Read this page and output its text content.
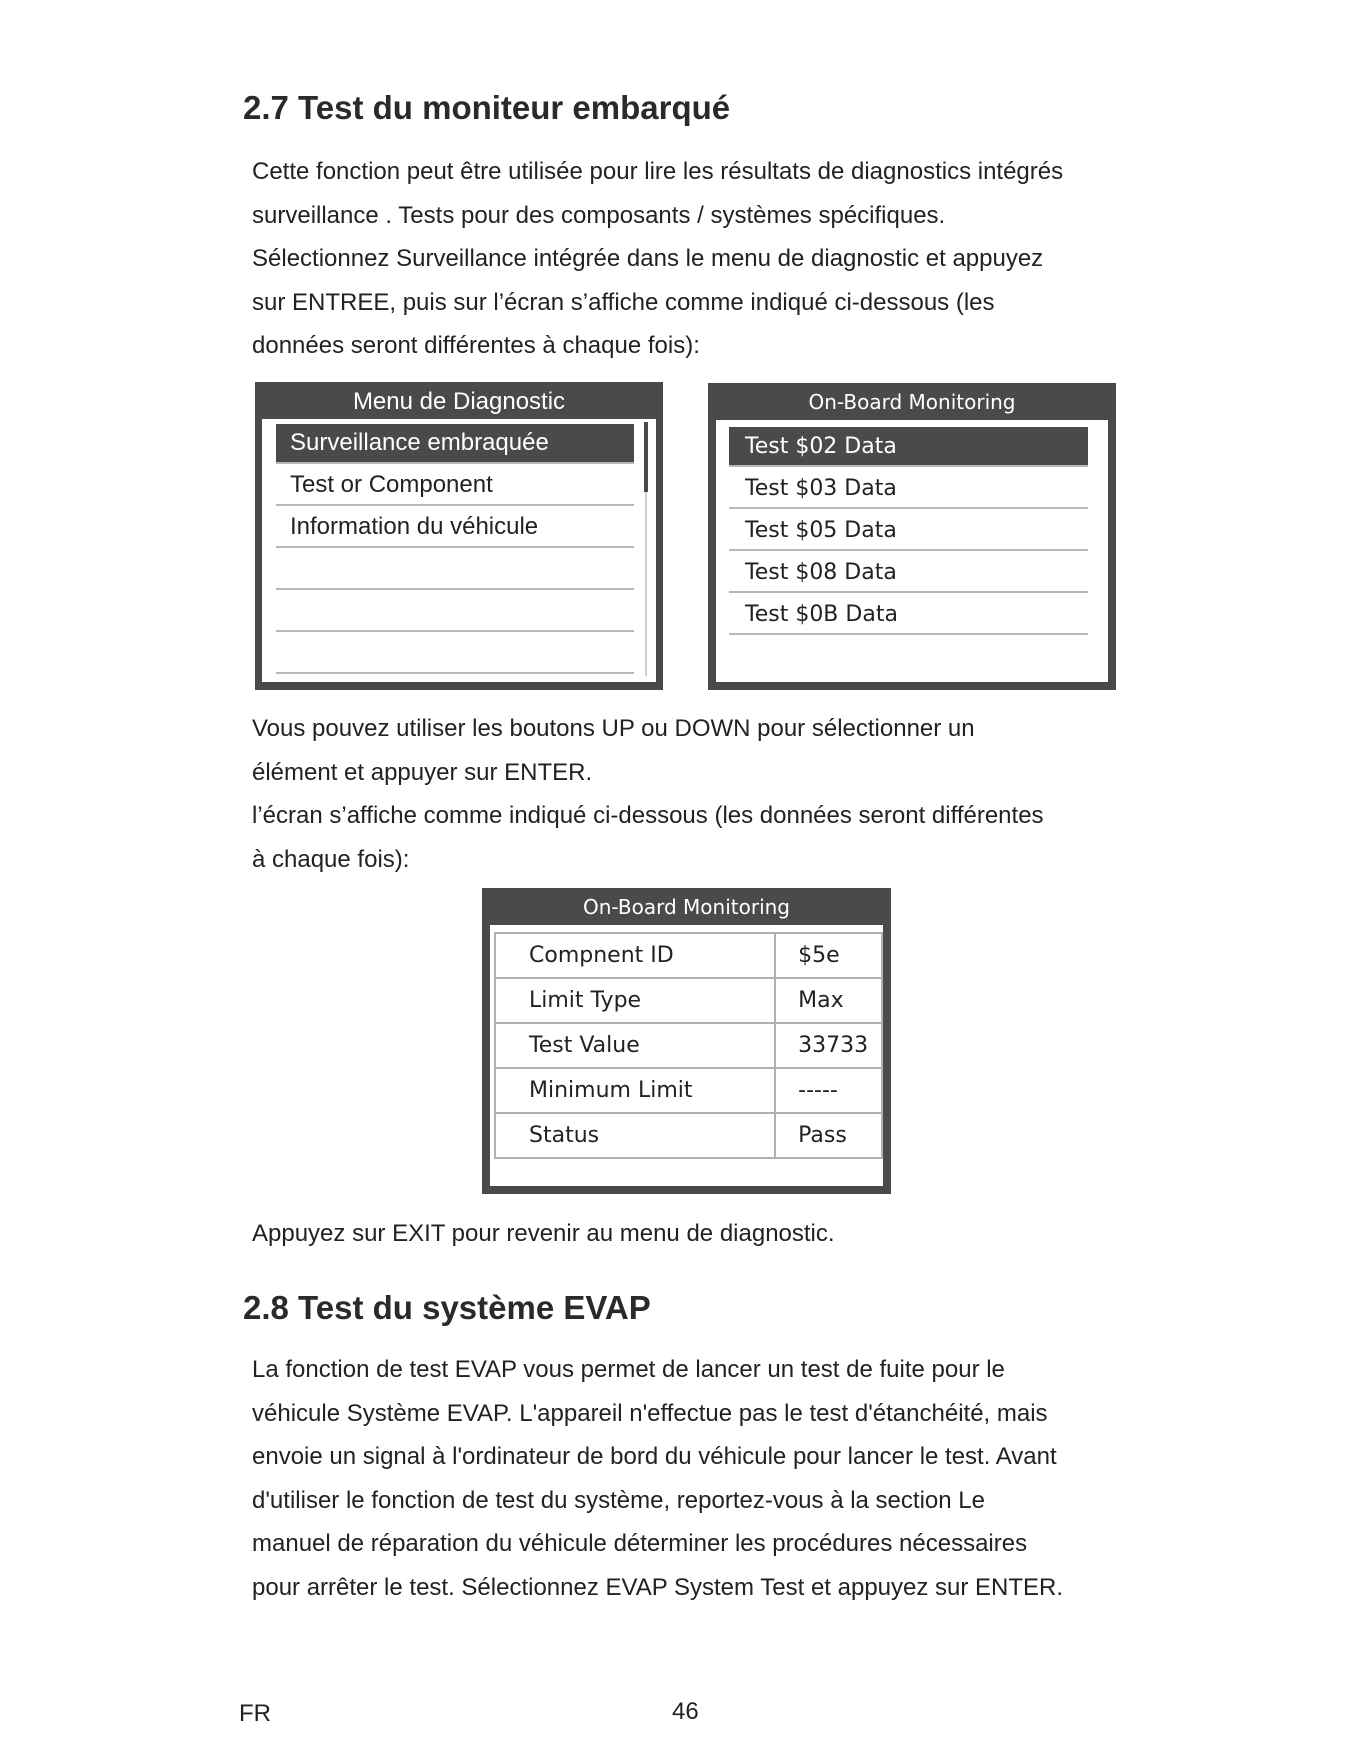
2.7 Test du moniteur embarqué
Cette fonction peut être utilisée pour lire les résultats de diagnostics intégrés
surveillance . Tests pour des composants / systèmes spécifiques.
Sélectionnez Surveillance intégrée dans le menu de diagnostic et appuyez
sur ENTREE, puis sur l’écran s’affiche comme indiqué ci-dessous (les
données seront différentes à chaque fois):
Menu de Diagnostic
Surveillance embraquée
Test or Component
Information du véhicule
On-Board Monitoring
Test $02 Data
Test $03 Data
Test $05 Data
Test $08 Data
Test $0B Data
Vous pouvez utiliser les boutons UP ou DOWN pour sélectionner un
élément et appuyer sur ENTER.
l’écran s’affiche comme indiqué ci-dessous (les données seront différentes
à chaque fois):
On-Board Monitoring
Compnent ID	$5e
Limit Type	Max
Test Value	33733
Minimum Limit	-----
Status	Pass
Appuyez sur EXIT pour revenir au menu de diagnostic.
2.8 Test du système EVAP
La fonction de test EVAP vous permet de lancer un test de fuite pour le
véhicule Système EVAP. L'appareil n'effectue pas le test d'étanchéité, mais
envoie un signal à l'ordinateur de bord du véhicule pour lancer le test. Avant
d'utiliser le fonction de test du système, reportez-vous à la section Le
manuel de réparation du véhicule déterminer les procédures nécessaires
pour arrêter le test. Sélectionnez EVAP System Test et appuyez sur ENTER.
FR	46
